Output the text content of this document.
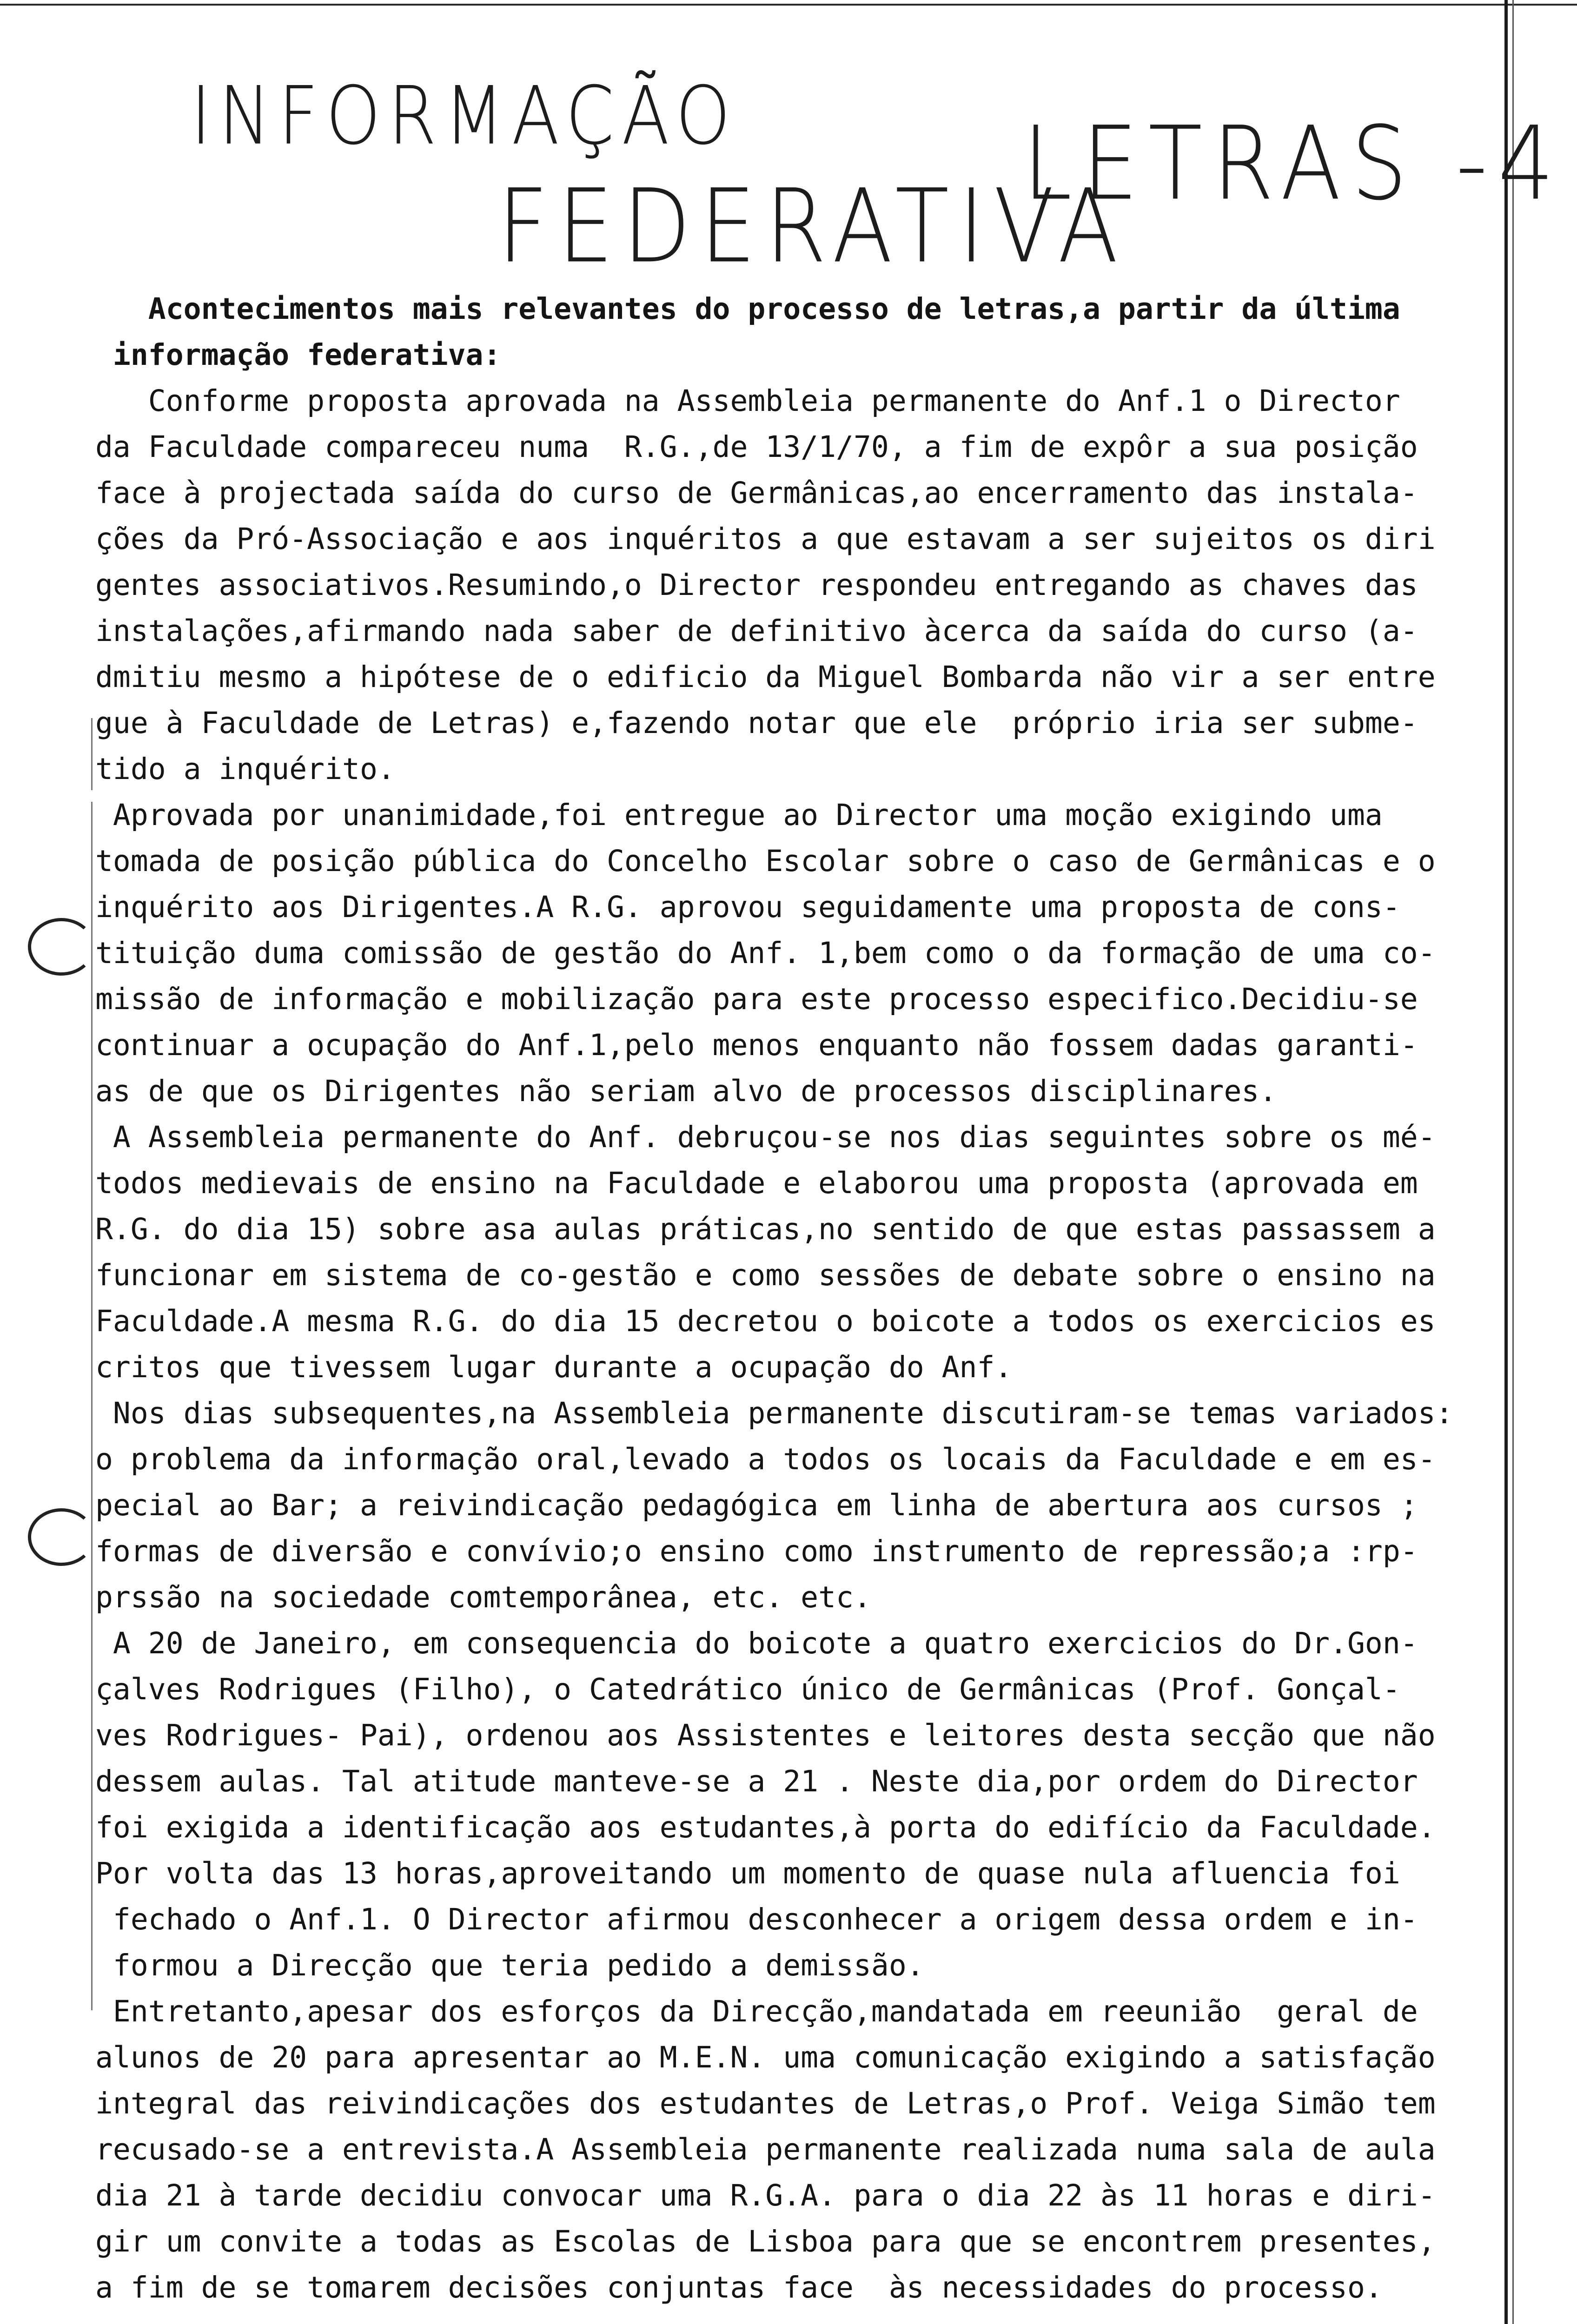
INFORMAÇÃO
FEDERATIVA
LETRAS -4
Acontecimentos mais relevantes do processo de letras,a partir da última
informação federativa:
Conforme proposta aprovada na Assembleia permanente do Anf.1 o Director
da Faculdade compareceu numa  R.G.,de 13/1/70, a fim de expôr a sua posição
face à projectada saída do curso de Germânicas,ao encerramento das instala-
ções da Pró-Associação e aos inquéritos a que estavam a ser sujeitos os diri
gentes associativos.Resumindo,o Director respondeu entregando as chaves das
instalações,afirmando nada saber de definitivo àcerca da saída do curso (a-
dmitiu mesmo a hipótese de o edificio da Miguel Bombarda não vir a ser entre
gue à Faculdade de Letras) e,fazendo notar que ele  próprio iria ser subme-
tido a inquérito.
Aprovada por unanimidade,foi entregue ao Director uma moção exigindo uma
tomada de posição pública do Concelho Escolar sobre o caso de Germânicas e o
inquérito aos Dirigentes.A R.G. aprovou seguidamente uma proposta de cons-
tituição duma comissão de gestão do Anf. 1,bem como o da formação de uma co-
missão de informação e mobilização para este processo especifico.Decidiu-se
continuar a ocupação do Anf.1,pelo menos enquanto não fossem dadas garanti-
as de que os Dirigentes não seriam alvo de processos disciplinares.
A Assembleia permanente do Anf. debruçou-se nos dias seguintes sobre os mé-
todos medievais de ensino na Faculdade e elaborou uma proposta (aprovada em
R.G. do dia 15) sobre asa aulas práticas,no sentido de que estas passassem a
funcionar em sistema de co-gestão e como sessões de debate sobre o ensino na
Faculdade.A mesma R.G. do dia 15 decretou o boicote a todos os exercicios es
critos que tivessem lugar durante a ocupação do Anf.
Nos dias subsequentes,na Assembleia permanente discutiram-se temas variados:
o problema da informação oral,levado a todos os locais da Faculdade e em es-
pecial ao Bar; a reivindicação pedagógica em linha de abertura aos cursos ;
formas de diversão e convívio;o ensino como instrumento de repressão;a :rp-
prssão na sociedade comtemporânea, etc. etc.
A 20 de Janeiro, em consequencia do boicote a quatro exercicios do Dr.Gon-
çalves Rodrigues (Filho), o Catedrático único de Germânicas (Prof. Gonçal-
ves Rodrigues- Pai), ordenou aos Assistentes e leitores desta secção que não
dessem aulas. Tal atitude manteve-se a 21 . Neste dia,por ordem do Director
foi exigida a identificação aos estudantes,à porta do edifício da Faculdade.
Por volta das 13 horas,aproveitando um momento de quase nula afluencia foi
fechado o Anf.1. O Director afirmou desconhecer a origem dessa ordem e in-
formou a Direcção que teria pedido a demissão.
Entretanto,apesar dos esforços da Direcção,mandatada em reeunião  geral de
alunos de 20 para apresentar ao M.E.N. uma comunicação exigindo a satisfação
integral das reivindicações dos estudantes de Letras,o Prof. Veiga Simão tem
recusado-se a entrevista.A Assembleia permanente realizada numa sala de aula
dia 21 à tarde decidiu convocar uma R.G.A. para o dia 22 às 11 horas e diri-
gir um convite a todas as Escolas de Lisboa para que se encontrem presentes,
a fim de se tomarem decisões conjuntas face  às necessidades do processo.
